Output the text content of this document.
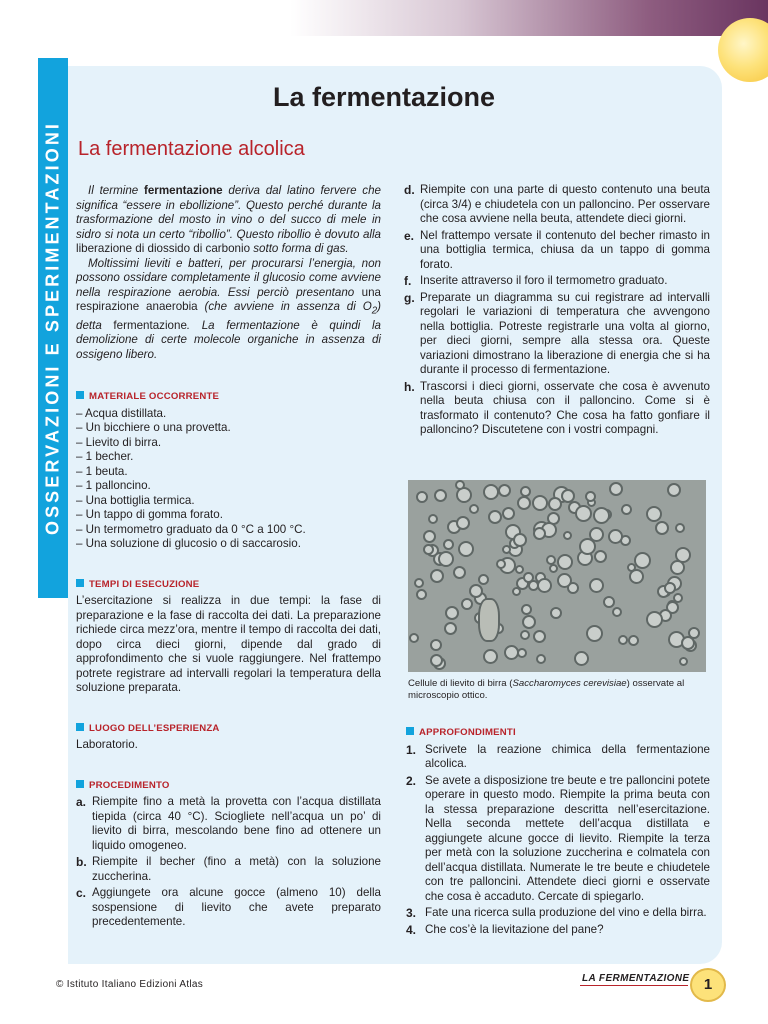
OSSERVAZIONI E SPERIMENTAZIONI
La fermentazione
La fermentazione alcolica

Il termine fermentazione deriva dal latino fervere che significa “essere in ebollizione”. Questo perché durante la trasformazione del mosto in vino o del succo di mele in sidro si nota un certo “ribollio”. Questo ribollio è dovuto alla liberazione di diossido di carbonio sotto forma di gas.

Moltissimi lieviti e batteri, per procurarsi l’energia, non possono ossidare completamente il glucosio come avviene nella respirazione aerobia. Essi perciò presentano una respirazione anaerobia (che avviene in assenza di $O_2$) detta fermentazione. La fermentazione è quindi la demolizione di certe molecole organiche in assenza di ossigeno libero.

MATERIALE OCCORRENTE
– Acqua distillata.
– Un bicchiere o una provetta.
– Lievito di birra.
– 1 becher.
– 1 beuta.
– 1 palloncino.
– Una bottiglia termica.
– Un tappo di gomma forato.
– Un termometro graduato da 0 °C a 100 °C.
– Una soluzione di glucosio o di saccarosio.
TEMPI DI ESECUZIONE

L’esercitazione si realizza in due tempi: la fase di preparazione e la fase di raccolta dei dati. La preparazione richiede circa mezz’ora, mentre il tempo di raccolta dei dati, dopo circa dieci giorni, dipende dal grado di approfondimento che si vuole raggiungere. Nel frattempo potrete registrare ad intervalli regolari la temperatura della soluzione preparata.

LUOGO DELL’ESPERIENZA

Laboratorio.

PROCEDIMENTO
a. Riempite fino a metà la provetta con l’acqua distillata tiepida (circa 40 °C). Sciogliete nell’acqua un po’ di lievito di birra, mescolando bene fino ad ottenere un liquido omogeneo.
b. Riempite il becher (fino a metà) con la soluzione zuccherina.
c. Aggiungete ora alcune gocce (almeno 10) della sospensione di lievito che avete preparato precedentemente.
d. Riempite con una parte di questo contenuto una beuta (circa 3/4) e chiudetela con un palloncino. Per osservare che cosa avviene nella beuta, attendete dieci giorni.
e. Nel frattempo versate il contenuto del becher rimasto in una bottiglia termica, chiusa da un tappo di gomma forato.
f. Inserite attraverso il foro il termometro graduato.
g. Preparate un diagramma su cui registrare ad intervalli regolari le variazioni di temperatura che avvengono nella bottiglia. Potreste registrarle una volta al giorno, per dieci giorni, sempre alla stessa ora. Queste variazioni dimostrano la liberazione di energia che si ha durante il processo di fermentazione.
h. Trascorsi i dieci giorni, osservate che cosa è avvenuto nella beuta chiusa con il palloncino. Come si è trasformato il contenuto? Che cosa ha fatto gonfiare il palloncino? Discutetene con i vostri compagni.
Cellule di lievito di birra (Saccharomyces cerevisiae) osservate al microscopio ottico.
APPROFONDIMENTI
1. Scrivete la reazione chimica della fermentazione alcolica.
2. Se avete a disposizione tre beute e tre palloncini potete operare in questo modo. Riempite la prima beuta con la stessa preparazione descritta nell’esercitazione. Nella seconda mettete dell’acqua distillata e aggiungete alcune gocce di lievito. Riempite la terza per metà con la soluzione zuccherina e colmatela con dell’acqua distillata. Numerate le tre beute e chiudetele con tre palloncini. Attendete dieci giorni e osservate che cosa è accaduto. Cercate di spiegarlo.
3. Fate una ricerca sulla produzione del vino e della birra.
4. Che cos’è la lievitazione del pane?
© Istituto Italiano Edizioni Atlas
LA FERMENTAZIONE 1
